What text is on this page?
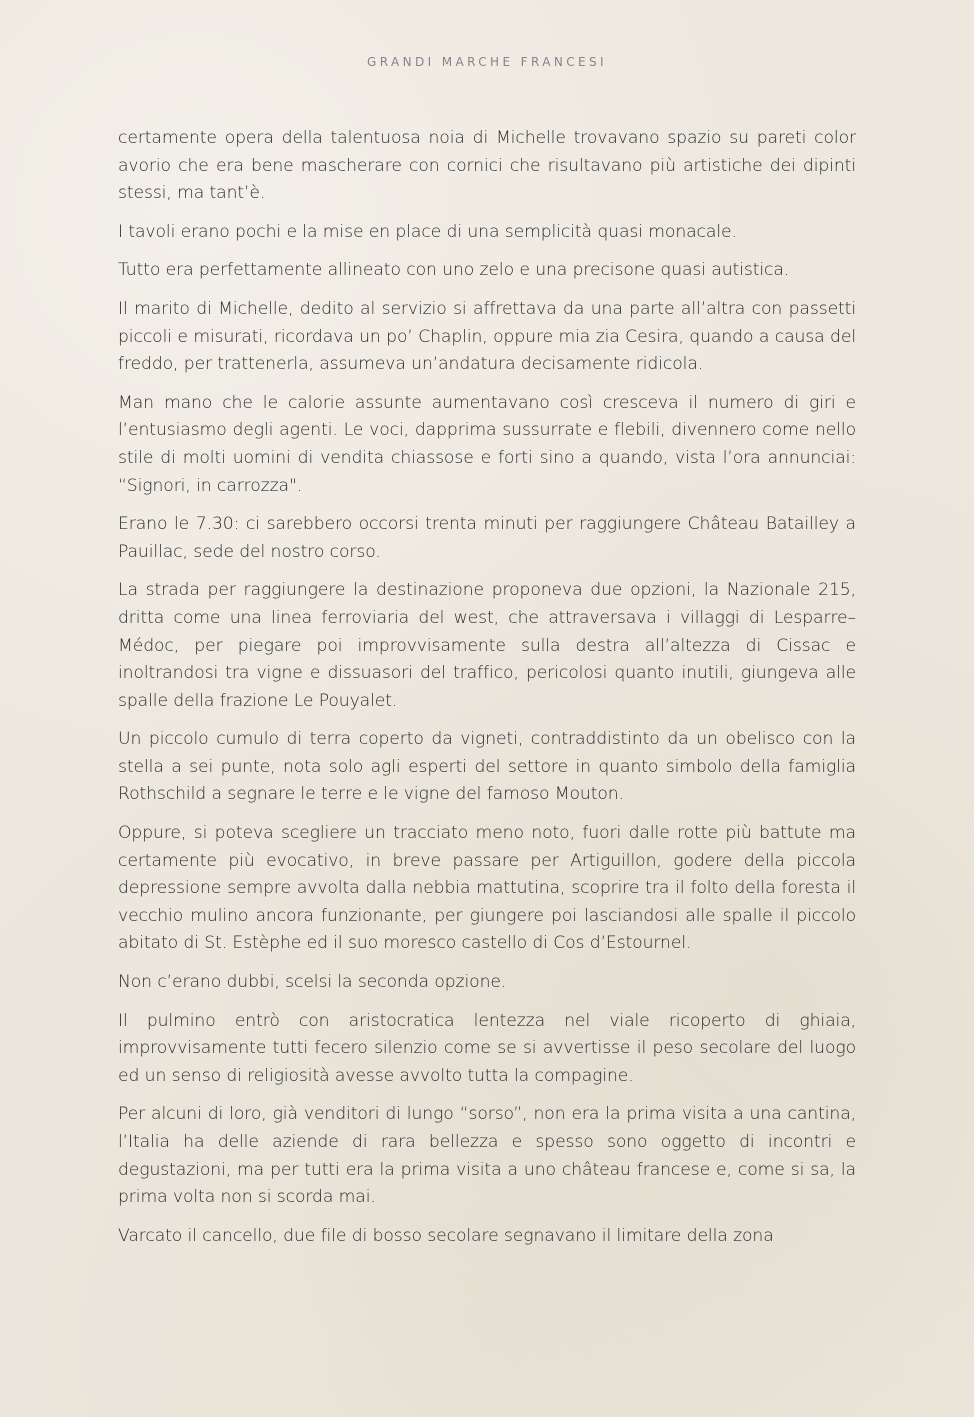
GRANDI MARCHE FRANCESI

certamente opera della talentuosa noia di Michelle trovavano spazio su pareti color avorio che era bene mascherare con cornici che risultavano più artistiche dei dipinti stessi, ma tant’è.

I tavoli erano pochi e la mise en place di una semplicità quasi monacale.

Tutto era perfettamente allineato con uno zelo e una precisone quasi autistica.

Il marito di Michelle, dedito al servizio si affrettava da una parte all’altra con passetti piccoli e misurati, ricordava un po’ Chaplin, oppure mia zia Cesira, quando a causa del freddo, per trattenerla, assumeva un’andatura decisamente ridicola.

Man mano che le calorie assunte aumentavano così cresceva il numero di giri e l’entusiasmo degli agenti. Le voci, dapprima sussurrate e flebili, divennero come nello stile di molti uomini di vendita chiassose e forti sino a quando, vista l’ora annunciai: “Signori, in carrozza".

Erano le 7.30: ci sarebbero occorsi trenta minuti per raggiungere Château Batailley a Pauillac, sede del nostro corso.

La strada per raggiungere la destinazione proponeva due opzioni, la Nazionale 215, dritta come una linea ferroviaria del west, che attraversava i villaggi di Lesparre–Médoc, per piegare poi improvvisamente sulla destra all’altezza di Cissac e inoltrandosi tra vigne e dissuasori del traffico, pericolosi quanto inutili, giungeva alle spalle della frazione Le Pouyalet.

Un piccolo cumulo di terra coperto da vigneti, contraddistinto da un obelisco con la stella a sei punte, nota solo agli esperti del settore in quanto simbolo della famiglia Rothschild a segnare le terre e le vigne del famoso Mouton.

Oppure, si poteva scegliere un tracciato meno noto, fuori dalle rotte più battute ma certamente più evocativo, in breve passare per Artiguillon, godere della piccola depressione sempre avvolta dalla nebbia mattutina, scoprire tra il folto della foresta il vecchio mulino ancora funzionante, per giungere poi lasciandosi alle spalle il piccolo abitato di St. Estèphe ed il suo moresco castello di Cos d’Estournel.

Non c’erano dubbi, scelsi la seconda opzione.

Il pulmino entrò con aristocratica lentezza nel viale ricoperto di ghiaia, improvvisamente tutti fecero silenzio come se si avvertisse il peso secolare del luogo ed un senso di religiosità avesse avvolto tutta la compagine.

Per alcuni di loro, già venditori di lungo “sorso”, non era la prima visita a una cantina, l’Italia ha delle aziende di rara bellezza e spesso sono oggetto di incontri e degustazioni, ma per tutti era la prima visita a uno château francese e, come si sa, la prima volta non si scorda mai.

Varcato il cancello, due file di bosso secolare segnavano il limitare della zona
